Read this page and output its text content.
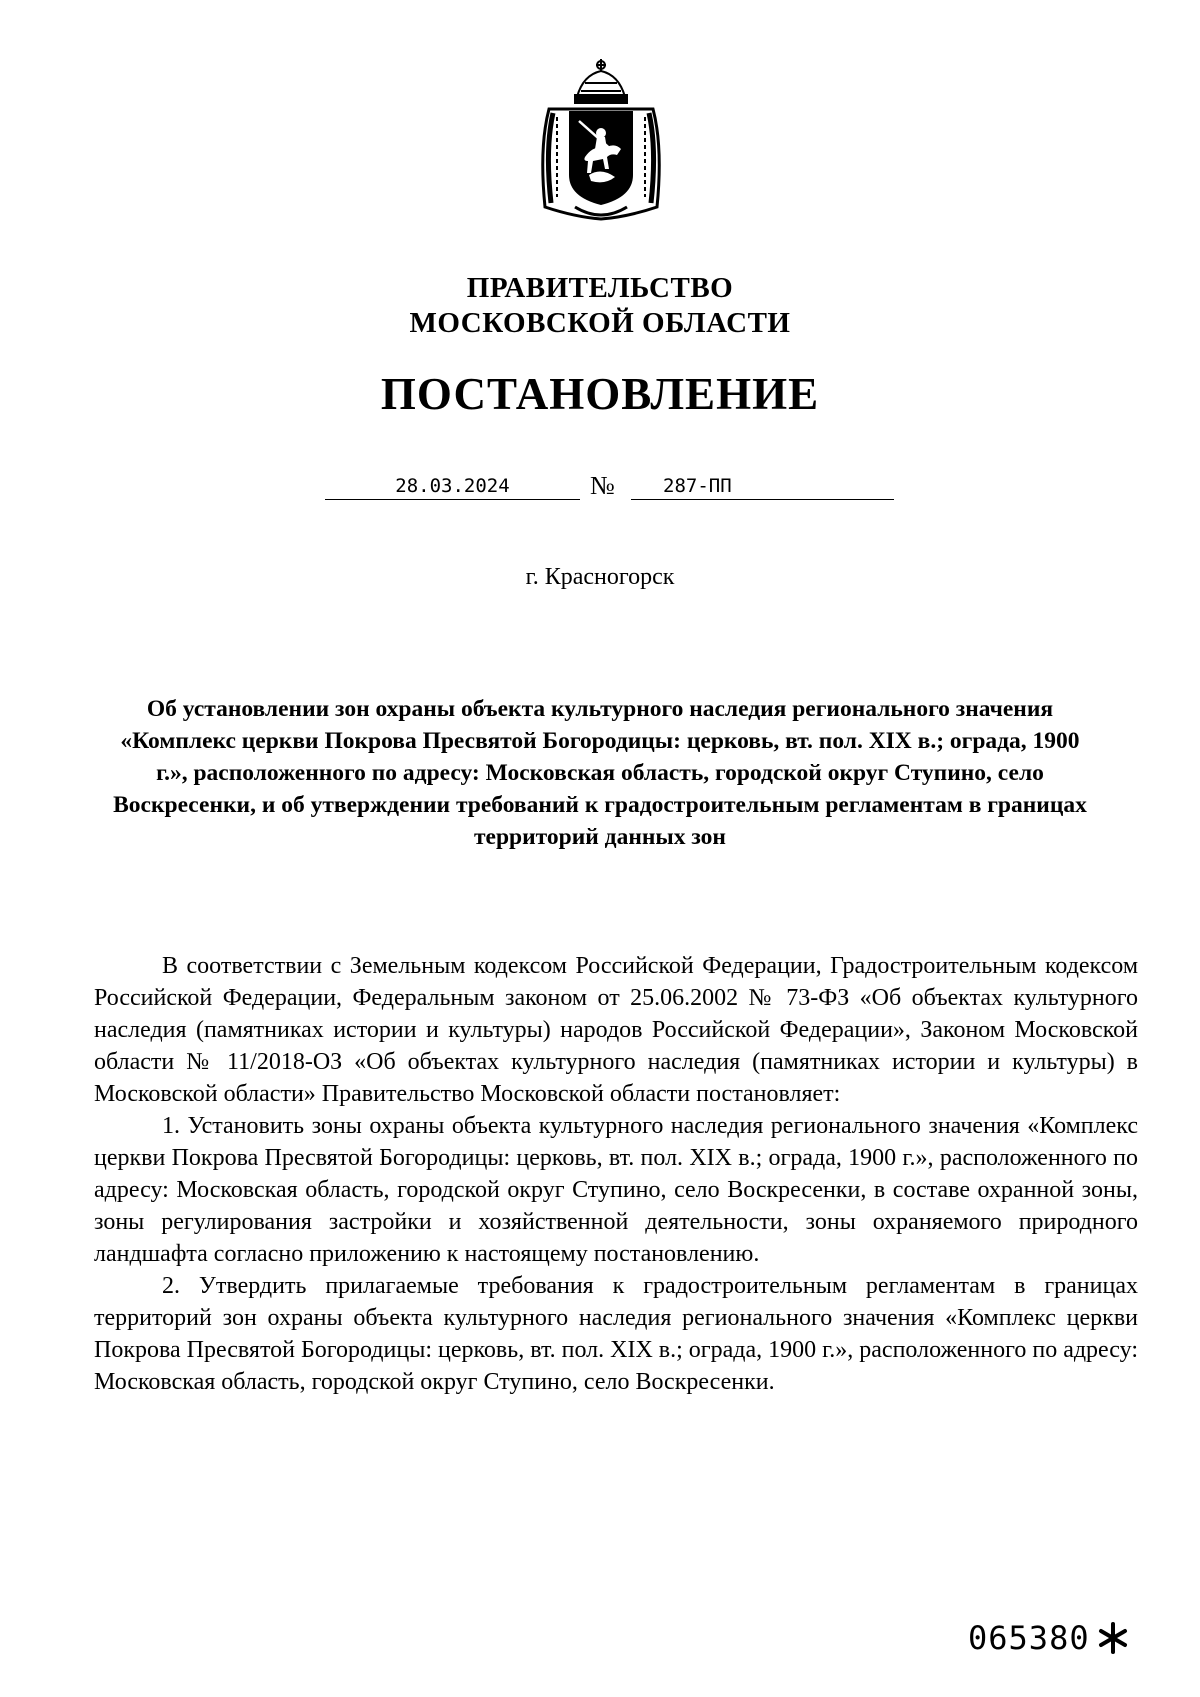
ПРАВИТЕЛЬСТВО
МОСКОВСКОЙ ОБЛАСТИ
ПОСТАНОВЛЕНИЕ
28.03.2024	№	287-ПП
г. Красногорск
Об установлении зон охраны объекта культурного наследия регионального значения «Комплекс церкви Покрова Пресвятой Богородицы: церковь, вт. пол. XIX в.; ограда, 1900 г.», расположенного по адресу: Московская область, городской округ Ступино, село Воскресенки, и об утверждении требований к градостроительным регламентам в границах территорий данных зон

В соответствии с Земельным кодексом Российской Федерации, Градостроительным кодексом Российской Федерации, Федеральным законом от 25.06.2002 № 73-ФЗ «Об объектах культурного наследия (памятниках истории и культуры) народов Российской Федерации», Законом Московской области № 11/2018-ОЗ «Об объектах культурного наследия (памятниках истории и культуры) в Московской области» Правительство Московской области постановляет:

1. Установить зоны охраны объекта культурного наследия регионального значения «Комплекс церкви Покрова Пресвятой Богородицы: церковь, вт. пол. XIX в.; ограда, 1900 г.», расположенного по адресу: Московская область, городской округ Ступино, село Воскресенки, в составе охранной зоны, зоны регулирования застройки и хозяйственной деятельности, зоны охраняемого природного ландшафта согласно приложению к настоящему постановлению.

2. Утвердить прилагаемые требования к градостроительным регламентам в границах территорий зон охраны объекта культурного наследия регионального значения «Комплекс церкви Покрова Пресвятой Богородицы: церковь, вт. пол. XIX в.; ограда, 1900 г.», расположенного по адресу: Московская область, городской округ Ступино, село Воскресенки.

065380
